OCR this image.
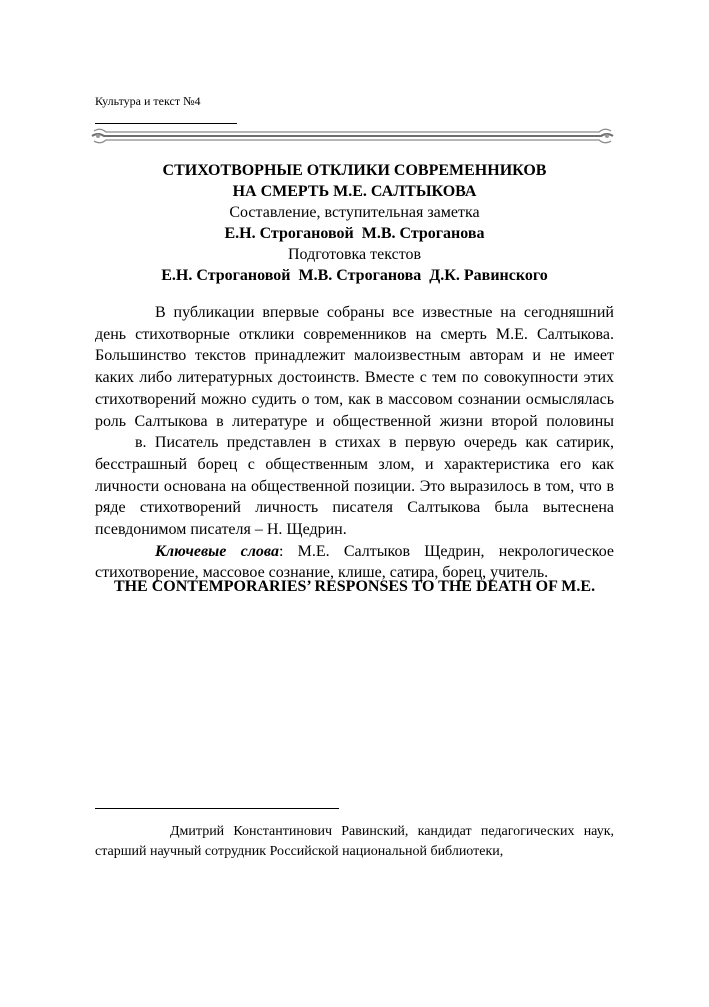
Культура и текст №4
СТИХОТВОРНЫЕ ОТКЛИКИ СОВРЕМЕННИКОВ
НА СМЕРТЬ М.Е. САЛТЫКОВА
Составление, вступительная заметка
Е.Н. Строгановой  М.В. Строганова
Подготовка текстов
Е.Н. Строгановой  М.В. Строганова  Д.К. Равинского

В публикации впервые собраны все известные на сегодняшний день стихотворные отклики современников на смерть М.Е. Салтыкова. Большинство текстов принадлежит малоизвестным авторам и не имеет каких либо литературных достоинств. Вместе с тем по совокупности этих стихотворений можно судить о том, как в массовом сознании осмыслялась роль Салтыкова в литературе и общественной жизни второй половиныв. Писатель представлен в стихах в первую очередь как сатирик, бесстрашный борец с общественным злом, и характеристика его как личности основана на общественной позиции. Это выразилось в том, что в ряде стихотворений личность писателя Салтыкова была вытеснена псевдонимом писателя – Н. Щедрин.

Ключевые слова: М.Е. Салтыков Щедрин, некрологическое стихотворение, массовое сознание, клише, сатира, борец, учитель.

THE CONTEMPORARIES’ RESPONSES TO THE DEATH OF M.E.

Дмитрий Константинович Равинский, кандидат педагогических наук, старший научный сотрудник Российской национальной библиотеки,
